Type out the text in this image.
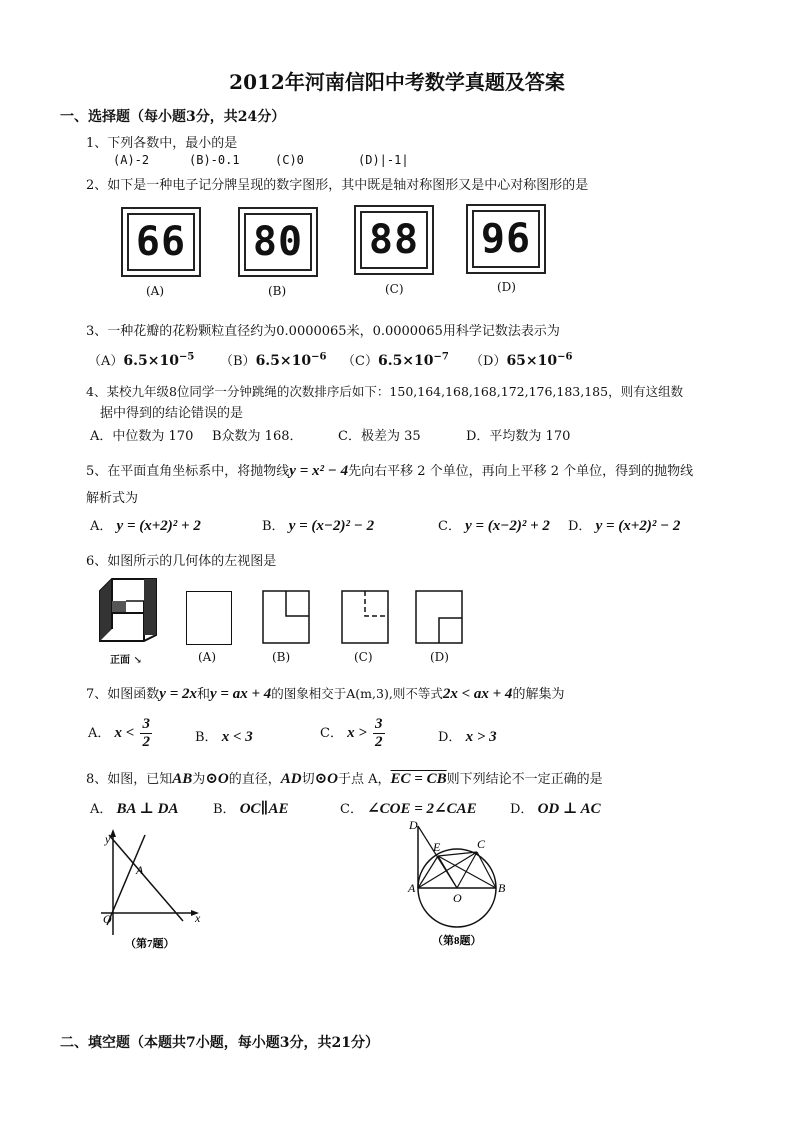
2012年河南信阳中考数学真题及答案
一、选择题（每小题3分，共24分）
1、下列各数中，最小的是
(A)-2	(B)-0.1	(C)0	(D)|-1|
2、如下是一种电子记分牌呈现的数字图形，其中既是轴对称图形又是中心对称图形的是
66
(A)
80
(B)
88
(C)
96
(D)
3、一种花瓣的花粉颗粒直径约为0.0000065米，0.0000065用科学记数法表示为
$(A)6.5\times 10^{-5}$ $(B)6.5\times 10^{-6}$ $(C)6.5\times 10^{-7}$ $(D)65\times 10^{-6}$
4、某校九年级8位同学一分钟跳绳的次数排序后如下：150,164,168,168,172,176,183,185，则有这组数
据中得到的结论错误的是
A．中位数为 170 B众数为 168．	C．极差为 35	D．平均数为 170
5、在平面直角坐标系中，将抛物线y = x² − 4先向右平移 2 个单位，再向上平移 2 个单位，得到的抛物线
解析式为
A． y = (x+2)² + 2	B． y = (x−2)² − 2	C． y = (x−2)² + 2 D． y = (x+2)² − 2
6、如图所示的几何体的左视图是
正面 ↘	(A)	(B)	(C)	(D)
7、如图函数y = 2x和y = ax + 4的图象相交于A(m,3),则不等式2x < ax + 4的解集为
A． $x < \frac{3}{2}$	B． x < 3	C． $x > \frac{3}{2}$	D． x > 3
8、如图，已知AB为⊙O的直径，AD切⊙O于点 A，EC = CB则下列结论不一定正确的是
A． BA ⊥ DA	B． OC∥AE	C． ∠COE = 2∠CAE	D． OD ⊥ AC
y
x
O
A
（第7题）
D
E	C
A
O
B
（第8题）
二、填空题（本题共7小题，每小题3分，共21分）
